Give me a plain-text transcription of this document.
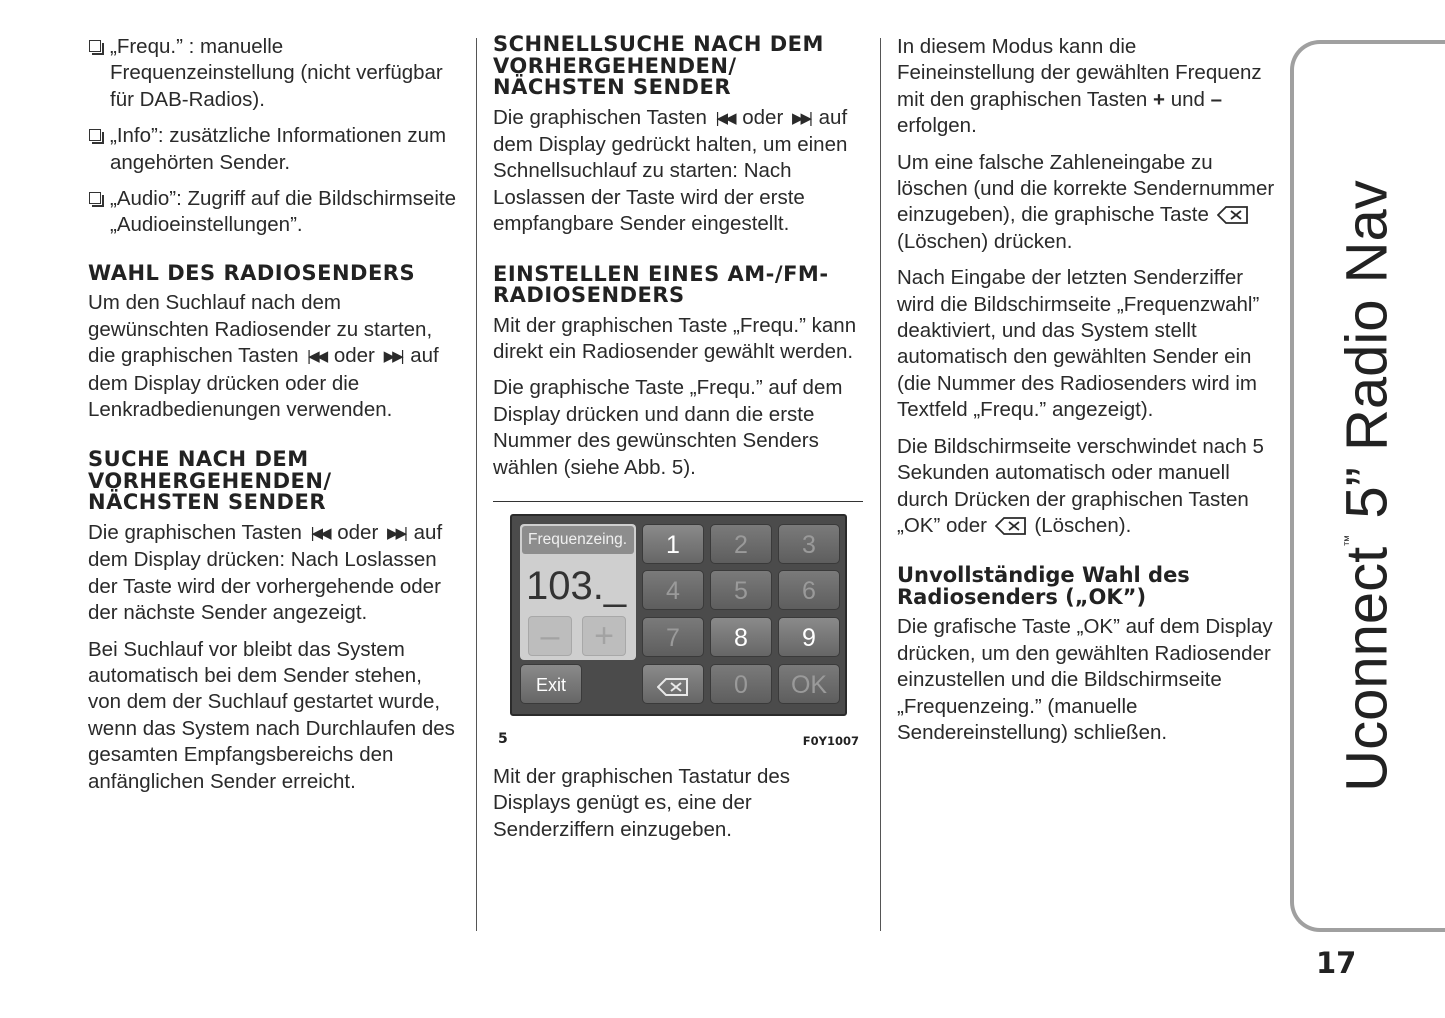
„Frequ.” : manuelle Frequenzeinstellung (nicht verfügbar für DAB-Radios).
„Info”: zusätzliche Informationen zum angehörten Sender.
„Audio”: Zugriff auf die Bildschirmseite „Audioeinstellungen”.
WAHL DES RADIOSENDERS

Um den Suchlauf nach dem gewünschten Radiosender zu starten, die graphischen Tasten |◀◀ oder ▶▶| auf dem Display drücken oder die Lenkradbedienungen verwenden.

SUCHE NACH DEM VORHERGEHENDEN/ NÄCHSTEN SENDER

Die graphischen Tasten |◀◀ oder ▶▶| auf dem Display drücken: Nach Loslassen der Taste wird der vorhergehende oder der nächste Sender angezeigt.

Bei Suchlauf vor bleibt das System automatisch bei dem Sender stehen, von dem der Suchlauf gestartet wurde, wenn das System nach Durchlaufen des gesamten Empfangsbereichs den anfänglichen Sender erreicht.

SCHNELLSUCHE NACH DEM VORHERGEHENDEN/ NÄCHSTEN SENDER

Die graphischen Tasten |◀◀ oder ▶▶| auf dem Display gedrückt halten, um einen Schnellsuchlauf zu starten: Nach Loslassen der Taste wird der erste empfangbare Sender eingestellt.

EINSTELLEN EINES AM-/FM-RADIOSENDERS

Mit der graphischen Taste „Frequ.” kann direkt ein Radiosender gewählt werden.

Die graphische Taste „Frequ.” auf dem Display drücken und dann die erste Nummer des gewünschten Senders wählen (siehe Abb. 5).

Frequenzeing.
103._
–	+
1	2	3
4	5	6
7	8	9
Exit	0	OK
5	F0Y1007

Mit der graphischen Tastatur des Displays genügt es, eine der Senderziffern einzugeben.

In diesem Modus kann die Feineinstellung der gewählten Frequenz mit den graphischen Tasten + und – erfolgen.

Um eine falsche Zahleneingabe zu löschen (und die korrekte Sendernummer einzugeben), die graphische Taste  (Löschen) drücken.

Nach Eingabe der letzten Senderziffer wird die Bildschirmseite „Frequenzwahl” deaktiviert, und das System stellt automatisch den gewählten Sender ein (die Nummer des Radiosenders wird im Textfeld „Frequ.” angezeigt).

Die Bildschirmseite verschwindet nach 5 Sekunden automatisch oder manuell durch Drücken der graphischen Tasten „OK” oder (Löschen).

Unvollständige Wahl des Radiosenders („OK”)

Die grafische Taste „OK” auf dem Display drücken, um den gewählten Radiosender einzustellen und die Bildschirmseite „Frequenzeing.” (manuelle Sendereinstellung) schließen.	Uconnect™ 5” Radio Nav
17
